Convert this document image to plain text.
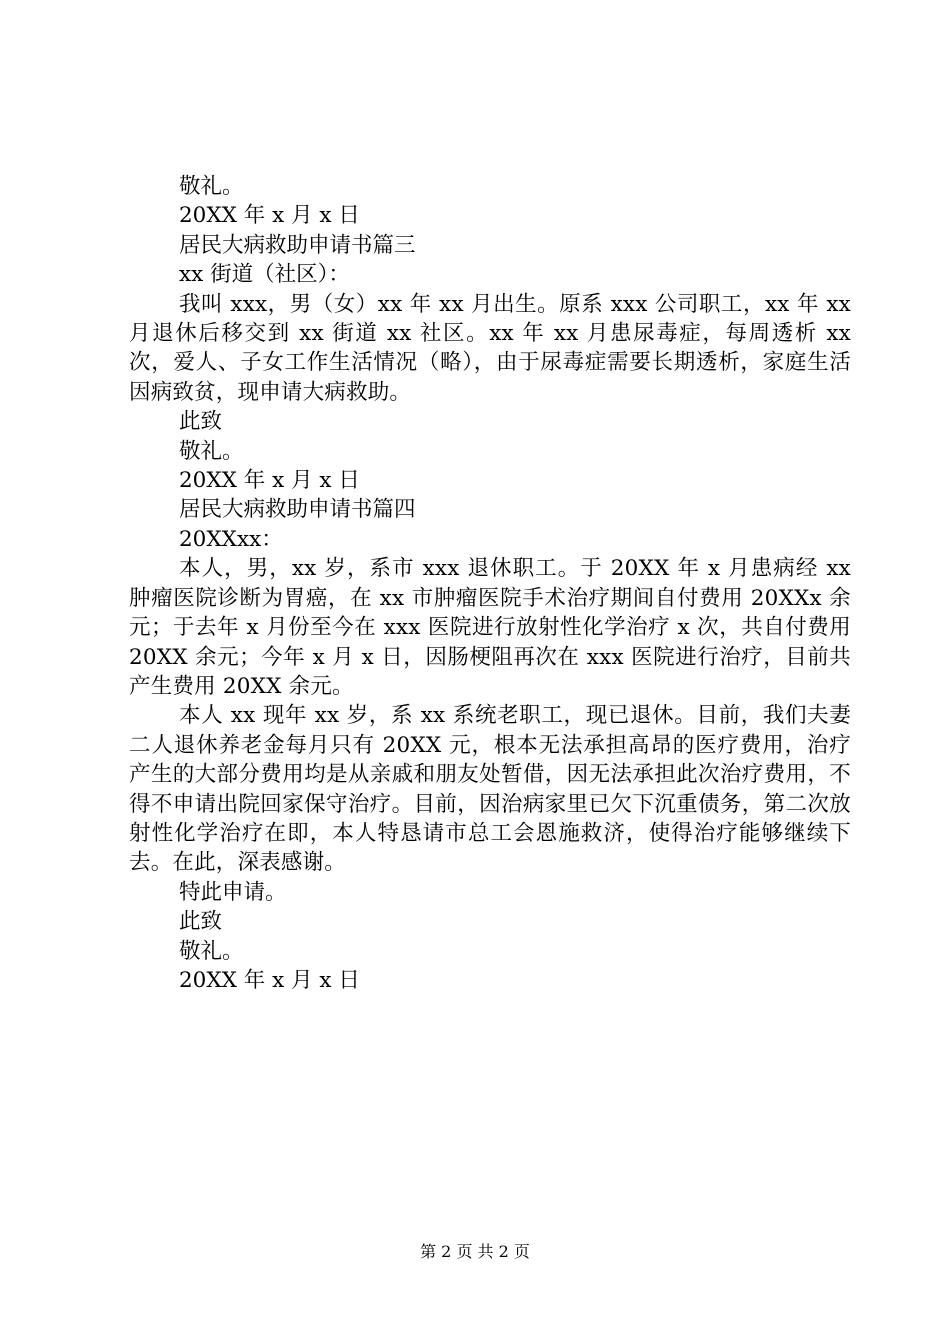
敬礼。
20XX 年 x 月 x 日
居民大病救助申请书篇三
xx 街道（社区）：
我叫 xxx，男（女）xx 年 xx 月出生。原系 xxx 公司职工，xx 年 xx 月退休后移交到 xx 街道 xx 社区。xx 年 xx 月患尿毒症，每周透析 xx 次，爱人、子女工作生活情况（略），由于尿毒症需要长期透析，家庭生活因病致贫，现申请大病救助。
此致
敬礼。
20XX 年 x 月 x 日
居民大病救助申请书篇四
20XXxx：
本人，男，xx 岁，系市 xxx 退休职工。于 20XX 年 x 月患病经 xx 肿瘤医院诊断为胃癌，在 xx 市肿瘤医院手术治疗期间自付费用 20XXx 余元；于去年 x 月份至今在 xxx 医院进行放射性化学治疗 x 次，共自付费用 20XX 余元；今年 x 月 x 日，因肠梗阻再次在 xxx 医院进行治疗，目前共产生费用 20XX 余元。
本人 xx 现年 xx 岁，系 xx 系统老职工，现已退休。目前，我们夫妻二人退休养老金每月只有 20XX 元，根本无法承担高昂的医疗费用，治疗产生的大部分费用均是从亲戚和朋友处暂借，因无法承担此次治疗费用，不得不申请出院回家保守治疗。目前，因治病家里已欠下沉重债务，第二次放射性化学治疗在即，本人特恳请市总工会恩施救济，使得治疗能够继续下去。在此，深表感谢。
特此申请。
此致
敬礼。
20XX 年 x 月 x 日
第 2 页 共 2 页
